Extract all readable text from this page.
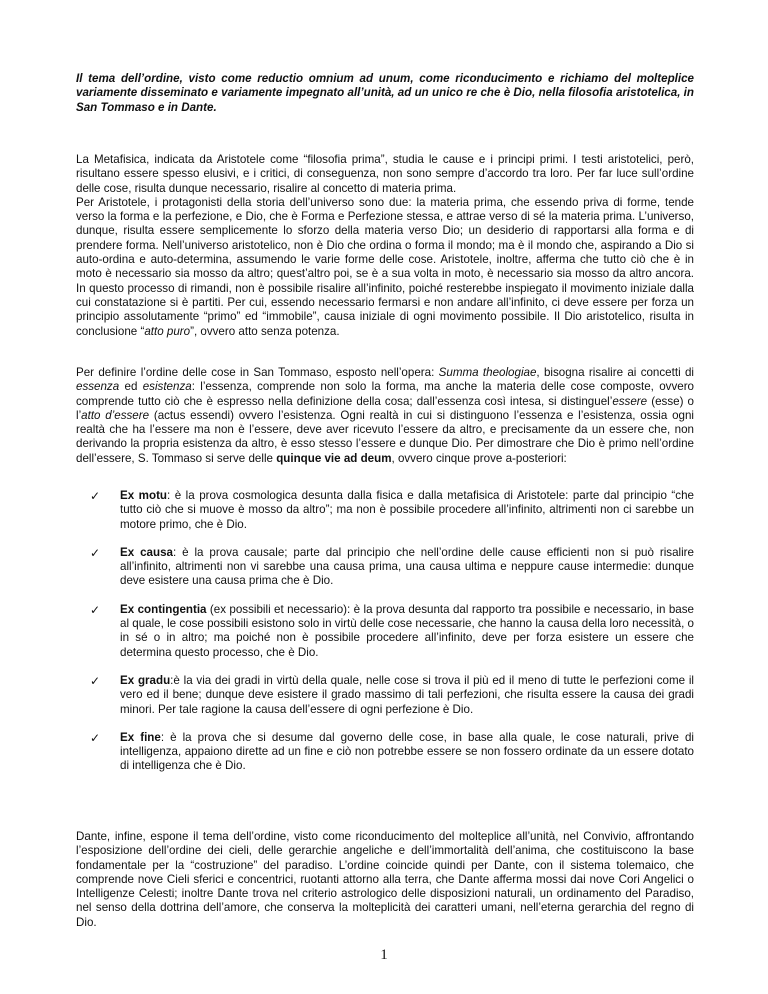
Il tema dell’ordine, visto come reductio omnium ad unum, come riconducimento e richiamo del molteplice variamente disseminato e variamente impegnato all’unità, ad un unico re che è Dio, nella filosofia aristotelica, in San Tommaso e in Dante.

La Metafisica, indicata da Aristotele come “filosofia prima”, studia le cause e i principi primi. I testi aristotelici, però, risultano essere spesso elusivi, e i critici, di conseguenza, non sono sempre d’accordo tra loro. Per far luce sull’ordine delle cose, risulta dunque necessario, risalire al concetto di materia prima.
Per Aristotele, i protagonisti della storia dell’universo sono due: la materia prima, che essendo priva di forme, tende verso la forma e la perfezione, e Dio, che è Forma e Perfezione stessa, e attrae verso di sé la materia prima. L’universo, dunque, risulta essere semplicemente lo sforzo della materia verso Dio; un desiderio di rapportarsi alla forma e di prendere forma. Nell’universo aristotelico, non è Dio che ordina o forma il mondo; ma è il mondo che, aspirando a Dio si auto-ordina e auto-determina, assumendo le varie forme delle cose. Aristotele, inoltre, afferma che tutto ciò che è in moto è necessario sia mosso da altro; quest’altro poi, se è a sua volta in moto, è necessario sia mosso da altro ancora. In questo processo di rimandi, non è possibile risalire all’infinito, poiché resterebbe inspiegato il movimento iniziale dalla cui constatazione si è partiti. Per cui, essendo necessario fermarsi e non andare all’infinito, ci deve essere per forza un principio assolutamente “primo” ed “immobile”, causa iniziale di ogni movimento possibile. Il Dio aristotelico, risulta in conclusione “atto puro”, ovvero atto senza potenza.

Per definire l’ordine delle cose in San Tommaso, esposto nell’opera: Summa theologiae, bisogna risalire ai concetti di essenza ed esistenza: l’essenza, comprende non solo la forma, ma anche la materia delle cose composte, ovvero comprende tutto ciò che è espresso nella definizione della cosa; dall’essenza così intesa, si distinguel’essere (esse) o l’atto d’essere (actus essendi) ovvero l’esistenza. Ogni realtà in cui si distinguono l’essenza e l’esistenza, ossia ogni realtà che ha l’essere ma non è l’essere, deve aver ricevuto l’essere da altro, e precisamente da un essere che, non derivando la propria esistenza da altro, è esso stesso l’essere e dunque Dio. Per dimostrare che Dio è primo nell’ordine dell’essere, S. Tommaso si serve delle quinque vie ad deum, ovvero cinque prove a-posteriori:

✓ Ex motu: è la prova cosmologica desunta dalla fisica e dalla metafisica di Aristotele: parte dal principio “che tutto ciò che si muove è mosso da altro”; ma non è possibile procedere all’infinito, altrimenti non ci sarebbe un motore primo, che è Dio.
✓ Ex causa: è la prova causale; parte dal principio che nell’ordine delle cause efficienti non si può risalire all’infinito, altrimenti non vi sarebbe una causa prima, una causa ultima e neppure cause intermedie: dunque deve esistere una causa prima che è Dio.
✓ Ex contingentia (ex possibili et necessario): è la prova desunta dal rapporto tra possibile e necessario, in base al quale, le cose possibili esistono solo in virtù delle cose necessarie, che hanno la causa della loro necessità, o in sé o in altro; ma poiché non è possibile procedere all’infinito, deve per forza esistere un essere che determina questo processo, che è Dio.
✓ Ex gradu:è la via dei gradi in virtù della quale, nelle cose si trova il più ed il meno di tutte le perfezioni come il vero ed il bene; dunque deve esistere il grado massimo di tali perfezioni, che risulta essere la causa dei gradi minori. Per tale ragione la causa dell’essere di ogni perfezione è Dio.
✓ Ex fine: è la prova che si desume dal governo delle cose, in base alla quale, le cose naturali, prive di intelligenza, appaiono dirette ad un fine e ciò non potrebbe essere se non fossero ordinate da un essere dotato di intelligenza che è Dio.

Dante, infine, espone il tema dell’ordine, visto come riconducimento del molteplice all’unità, nel Convivio, affrontando l’esposizione dell’ordine dei cieli, delle gerarchie angeliche e dell’immortalità dell’anima, che costituiscono la base fondamentale per la “costruzione” del paradiso. L’ordine coincide quindi per Dante, con il sistema tolemaico, che comprende nove Cieli sferici e concentrici, ruotanti attorno alla terra, che Dante afferma mossi dai nove Cori Angelici o Intelligenze Celesti; inoltre Dante trova nel criterio astrologico delle disposizioni naturali, un ordinamento del Paradiso, nel senso della dottrina dell’amore, che conserva la molteplicità dei caratteri umani, nell’eterna gerarchia del regno di Dio.

1
